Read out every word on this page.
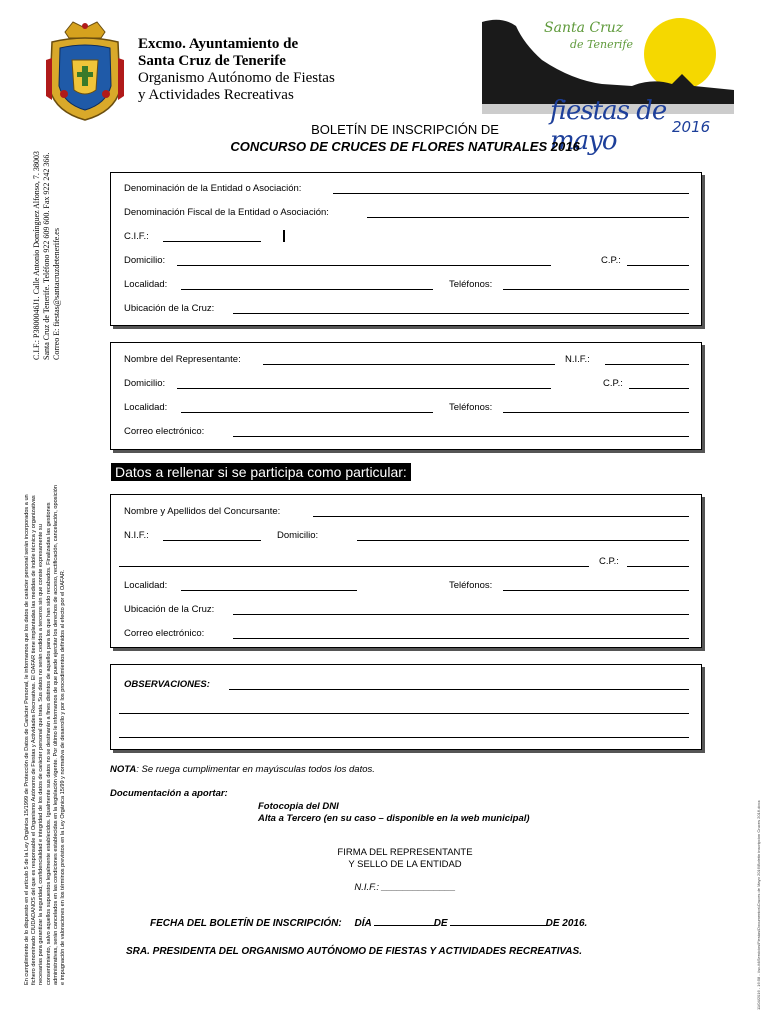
Excmo. Ayuntamiento de
Santa Cruz de Tenerife
Organismo Autónomo de Fiestas
y Actividades Recreativas
Santa Cruz
de Tenerife
fiestas de mayo	2016
BOLETÍN DE INSCRIPCIÓN DE
CONCURSO DE CRUCES DE FLORES NATURALES 2016
C.I.F.: P3800046J1. Calle Antonio Domínguez Alfonso, 7. 38003 Santa Cruz de Tenerife. Teléfono 922 609 600. Fax 922 242 366. Correo E: fiestas@santacruzdetenerife.es
En cumplimiento de lo dispuesto en el artículo 5 de la Ley Orgánica 15/1999 de Protección de Datos de Carácter Personal, le informamos que los datos de carácter personal serán incorporados a un fichero denominado CIUDADANOS del que es responsable el Organismo Autónomo de Fiestas y Actividades Recreativas. El OAFAR tiene implantadas las medidas de índole técnica y organizativas necesarias para garantizar la seguridad, confidencialidad e integridad de los datos de carácter personal que trata. Sus datos no serán cedidos a terceros sin que conste expresamente su consentimiento, salvo aquellos supuestos legalmente establecidos. Igualmente sus datos no se destinarán a fines distintos de aquellos para los que han sido recabados. Finalizadas las gestiones administrativas, serán cancelados en las condiciones establecidas en la legislación vigente. Por último le informamos de que puede ejercitar los derechos de acceso, rectificación, cancelación, oposición e impugnación de valoraciones en los términos previstos en la Ley Orgánica 15/99 y normativa de desarrollo y por los procedimientos definidos al efecto por el OAFAR.	11/04/2016 - 16:58 - \\sc-fd\Servicios\Fiestas\Documentos\Cruces de Mayo 2016\Boletin inscripcion Cruces 2016.docx
Denominación de la Entidad o Asociación:
Denominación Fiscal de la Entidad o Asociación:
C.I.F.:
Domicilio:	C.P.:
Localidad:	Teléfonos:
Ubicación de la Cruz:
Nombre del Representante:	N.I.F.:
Domicilio:	C.P.:
Localidad:	Teléfonos:
Correo electrónico:
Datos a rellenar si se participa como particular:
Nombre y Apellidos del Concursante:
N.I.F.:	Domicilio:
C.P.:
Localidad:	Teléfonos:
Ubicación de la Cruz:
Correo electrónico:
OBSERVACIONES:
NOTA: Se ruega cumplimentar en mayúsculas todos los datos.
Documentación a aportar:
Fotocopia del DNI
Alta a Tercero (en su caso – disponible en la web municipal)
FIRMA DEL REPRESENTANTE
Y SELLO DE LA ENTIDAD
N.I.F.: ______________
FECHA DEL BOLETÍN DE INSCRIPCIÓN: DÍA	DE	DE 2016.
SRA. PRESIDENTA DEL ORGANISMO AUTÓNOMO DE FIESTAS Y ACTIVIDADES RECREATIVAS.
